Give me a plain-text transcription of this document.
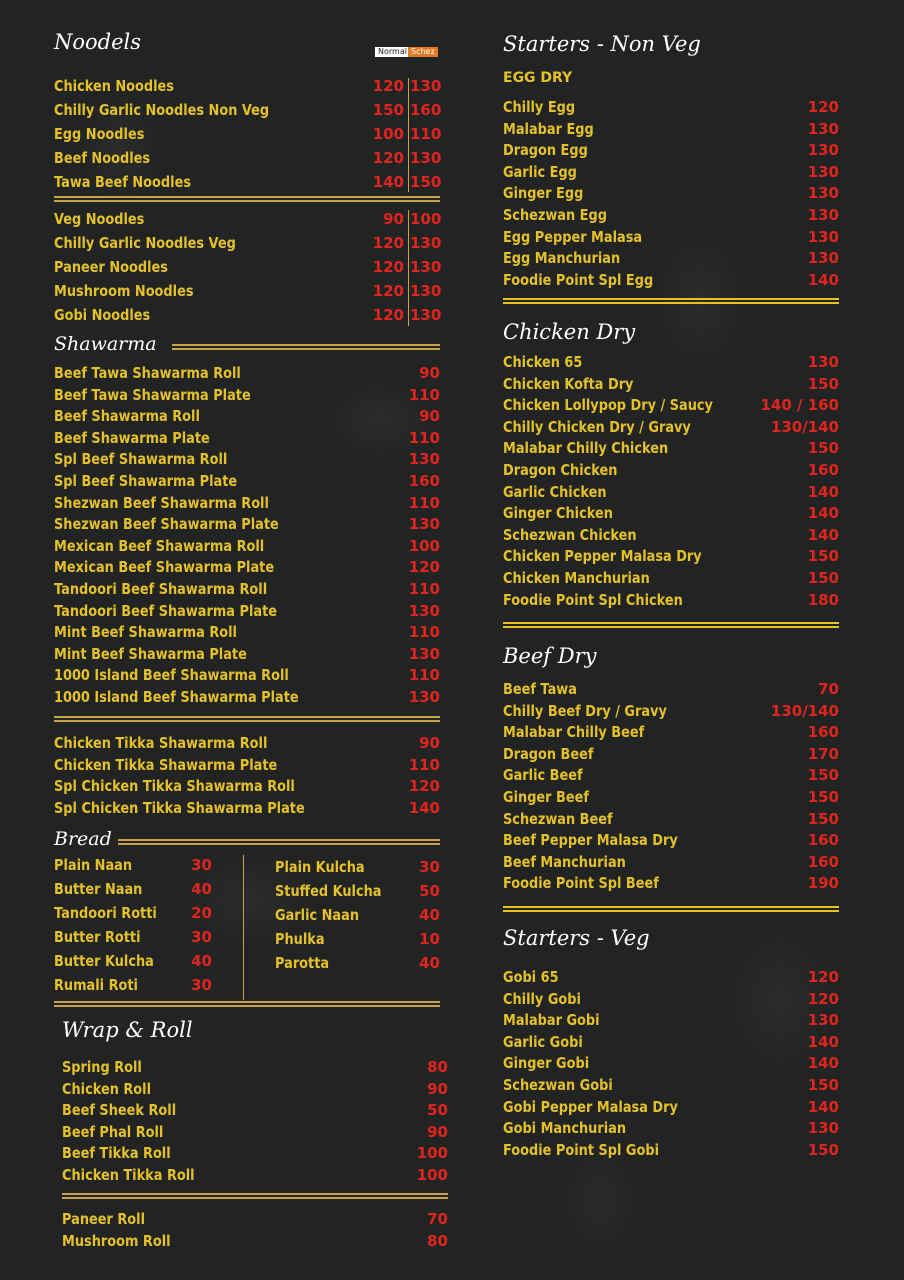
Noodels	Normal Schez
Chicken Noodles	120 130
Chilly Garlic Noodles Non Veg	150 160
Egg Noodles	100 110
Beef Noodles	120 130
Tawa Beef Noodles	140 150
Veg Noodles	90 100
Chilly Garlic Noodles Veg	120 130
Paneer Noodles	120 130
Mushroom Noodles	120 130
Gobi Noodles	120 130
Shawarma
Beef Tawa Shawarma Roll	90
Beef Tawa Shawarma Plate	110
Beef Shawarma Roll	90
Beef Shawarma Plate	110
Spl Beef Shawarma Roll	130
Spl Beef Shawarma Plate	160
Shezwan Beef Shawarma Roll	110
Shezwan Beef Shawarma Plate	130
Mexican Beef Shawarma Roll	100
Mexican Beef Shawarma Plate	120
Tandoori Beef Shawarma Roll	110
Tandoori Beef Shawarma Plate	130
Mint Beef Shawarma Roll	110
Mint Beef Shawarma Plate	130
1000 Island Beef Shawarma Roll	110
1000 Island Beef Shawarma Plate	130
Chicken Tikka Shawarma Roll	90
Chicken Tikka Shawarma Plate	110
Spl Chicken Tikka Shawarma Roll	120
Spl Chicken Tikka Shawarma Plate	140
Bread
Plain Naan	30
Butter Naan	40
Tandoori Rotti	20
Butter Rotti	30
Butter Kulcha	40
Rumali Roti	30
Plain Kulcha	30
Stuffed Kulcha	50
Garlic Naan	40
Phulka	10
Parotta	40
Wrap & Roll
Spring Roll	80
Chicken Roll	90
Beef Sheek Roll	50
Beef Phal Roll	90
Beef Tikka Roll	100
Chicken Tikka Roll	100
Paneer Roll	70
Mushroom Roll	80
Starters - Non Veg
EGG DRY
Chilly Egg	120
Malabar Egg	130
Dragon Egg	130
Garlic Egg	130
Ginger Egg	130
Schezwan Egg	130
Egg Pepper Malasa	130
Egg Manchurian	130
Foodie Point Spl Egg	140
Chicken Dry
Chicken 65	130
Chicken Kofta Dry	150
Chicken Lollypop Dry / Saucy	140 / 160
Chilly Chicken Dry / Gravy	130/140
Malabar Chilly Chicken	150
Dragon Chicken	160
Garlic Chicken	140
Ginger Chicken	140
Schezwan Chicken	140
Chicken Pepper Malasa Dry	150
Chicken Manchurian	150
Foodie Point Spl Chicken	180
Beef Dry
Beef Tawa	70
Chilly Beef Dry / Gravy	130/140
Malabar Chilly Beef	160
Dragon Beef	170
Garlic Beef	150
Ginger Beef	150
Schezwan Beef	150
Beef Pepper Malasa Dry	160
Beef Manchurian	160
Foodie Point Spl Beef	190
Starters - Veg
Gobi 65	120
Chilly Gobi	120
Malabar Gobi	130
Garlic Gobi	140
Ginger Gobi	140
Schezwan Gobi	150
Gobi Pepper Malasa Dry	140
Gobi Manchurian	130
Foodie Point Spl Gobi	150
